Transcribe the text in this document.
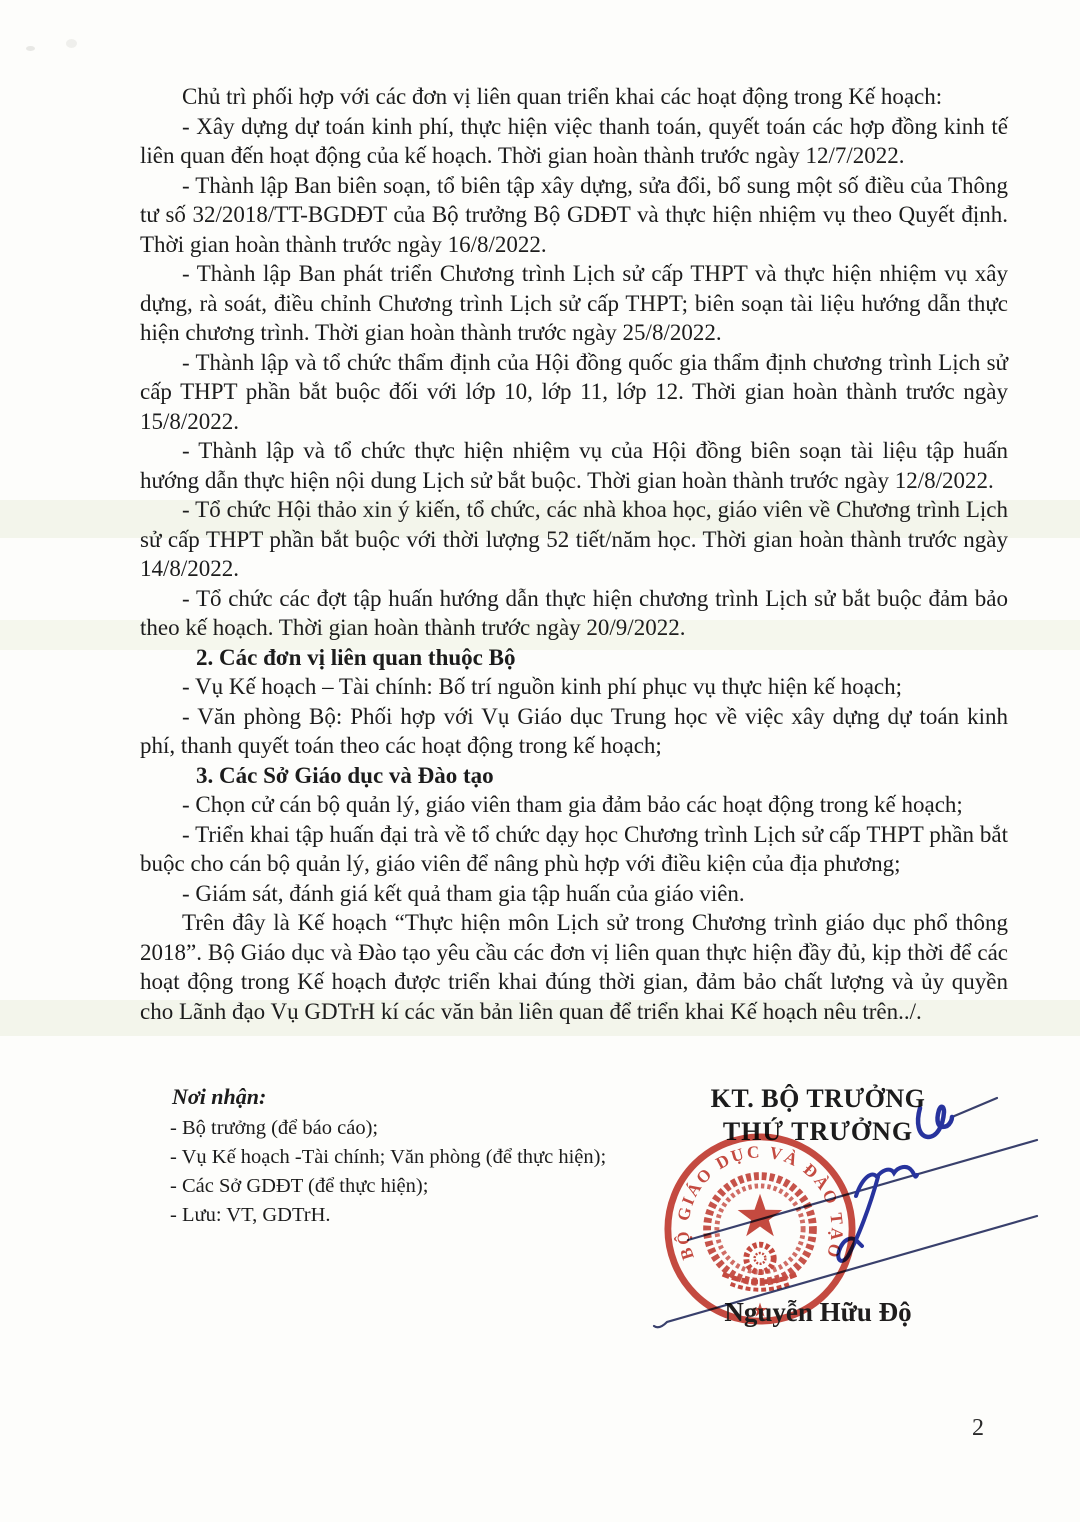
Chủ trì phối hợp với các đơn vị liên quan triển khai các hoạt động trong Kế hoạch:

- Xây dựng dự toán kinh phí, thực hiện việc thanh toán, quyết toán các hợp đồng kinh tế liên quan đến hoạt động của kế hoạch. Thời gian hoàn thành trước ngày 12/7/2022.

- Thành lập Ban biên soạn, tổ biên tập xây dựng, sửa đổi, bổ sung một số điều của Thông tư số 32/2018/TT-BGDĐT của Bộ trưởng Bộ GDĐT và thực hiện nhiệm vụ theo Quyết định. Thời gian hoàn thành trước ngày 16/8/2022.

- Thành lập Ban phát triển Chương trình Lịch sử cấp THPT và thực hiện nhiệm vụ xây dựng, rà soát, điều chỉnh Chương trình Lịch sử cấp THPT; biên soạn tài liệu hướng dẫn thực hiện chương trình. Thời gian hoàn thành trước ngày 25/8/2022.

- Thành lập và tổ chức thẩm định của Hội đồng quốc gia thẩm định chương trình Lịch sử cấp THPT phần bắt buộc đối với lớp 10, lớp 11, lớp 12. Thời gian hoàn thành trước ngày 15/8/2022.

- Thành lập và tổ chức thực hiện nhiệm vụ của Hội đồng biên soạn tài liệu tập huấn hướng dẫn thực hiện nội dung Lịch sử bắt buộc. Thời gian hoàn thành trước ngày 12/8/2022.

- Tổ chức Hội thảo xin ý kiến, tổ chức, các nhà khoa học, giáo viên về Chương trình Lịch sử cấp THPT phần bắt buộc với thời lượng 52 tiết/năm học. Thời gian hoàn thành trước ngày 14/8/2022.

- Tổ chức các đợt tập huấn hướng dẫn thực hiện chương trình Lịch sử bắt buộc đảm bảo theo kế hoạch. Thời gian hoàn thành trước ngày 20/9/2022.

2. Các đơn vị liên quan thuộc Bộ

- Vụ Kế hoạch – Tài chính: Bố trí nguồn kinh phí phục vụ thực hiện kế hoạch;

- Văn phòng Bộ: Phối hợp với Vụ Giáo dục Trung học về việc xây dựng dự toán kinh phí, thanh quyết toán theo các hoạt động trong kế hoạch;

3. Các Sở Giáo dục và Đào tạo

- Chọn cử cán bộ quản lý, giáo viên tham gia đảm bảo các hoạt động trong kế hoạch;

- Triển khai tập huấn đại trà về tổ chức dạy học Chương trình Lịch sử cấp THPT phần bắt buộc cho cán bộ quản lý, giáo viên để nâng phù hợp với điều kiện của địa phương;

- Giám sát, đánh giá kết quả tham gia tập huấn của giáo viên.

Trên đây là Kế hoạch “Thực hiện môn Lịch sử trong Chương trình giáo dục phổ thông 2018”. Bộ Giáo dục và Đào tạo yêu cầu các đơn vị liên quan thực hiện đầy đủ, kịp thời để các hoạt động trong Kế hoạch được triển khai đúng thời gian, đảm bảo chất lượng và ủy quyền cho Lãnh đạo Vụ GDTrH kí các văn bản liên quan để triển khai Kế hoạch nêu trên../.

Nơi nhận:

- Bộ trưởng (để báo cáo);

- Vụ Kế hoạch -Tài chính; Văn phòng (để thực hiện);

- Các Sở GDĐT (để thực hiện);

- Lưu: VT, GDTrH.

KT. BỘ TRƯỞNG
THỨ TRƯỞNG
BỘ GIÁO DỤC VÀ ĐÀO TẠO
Nguyễn Hữu Độ
2
